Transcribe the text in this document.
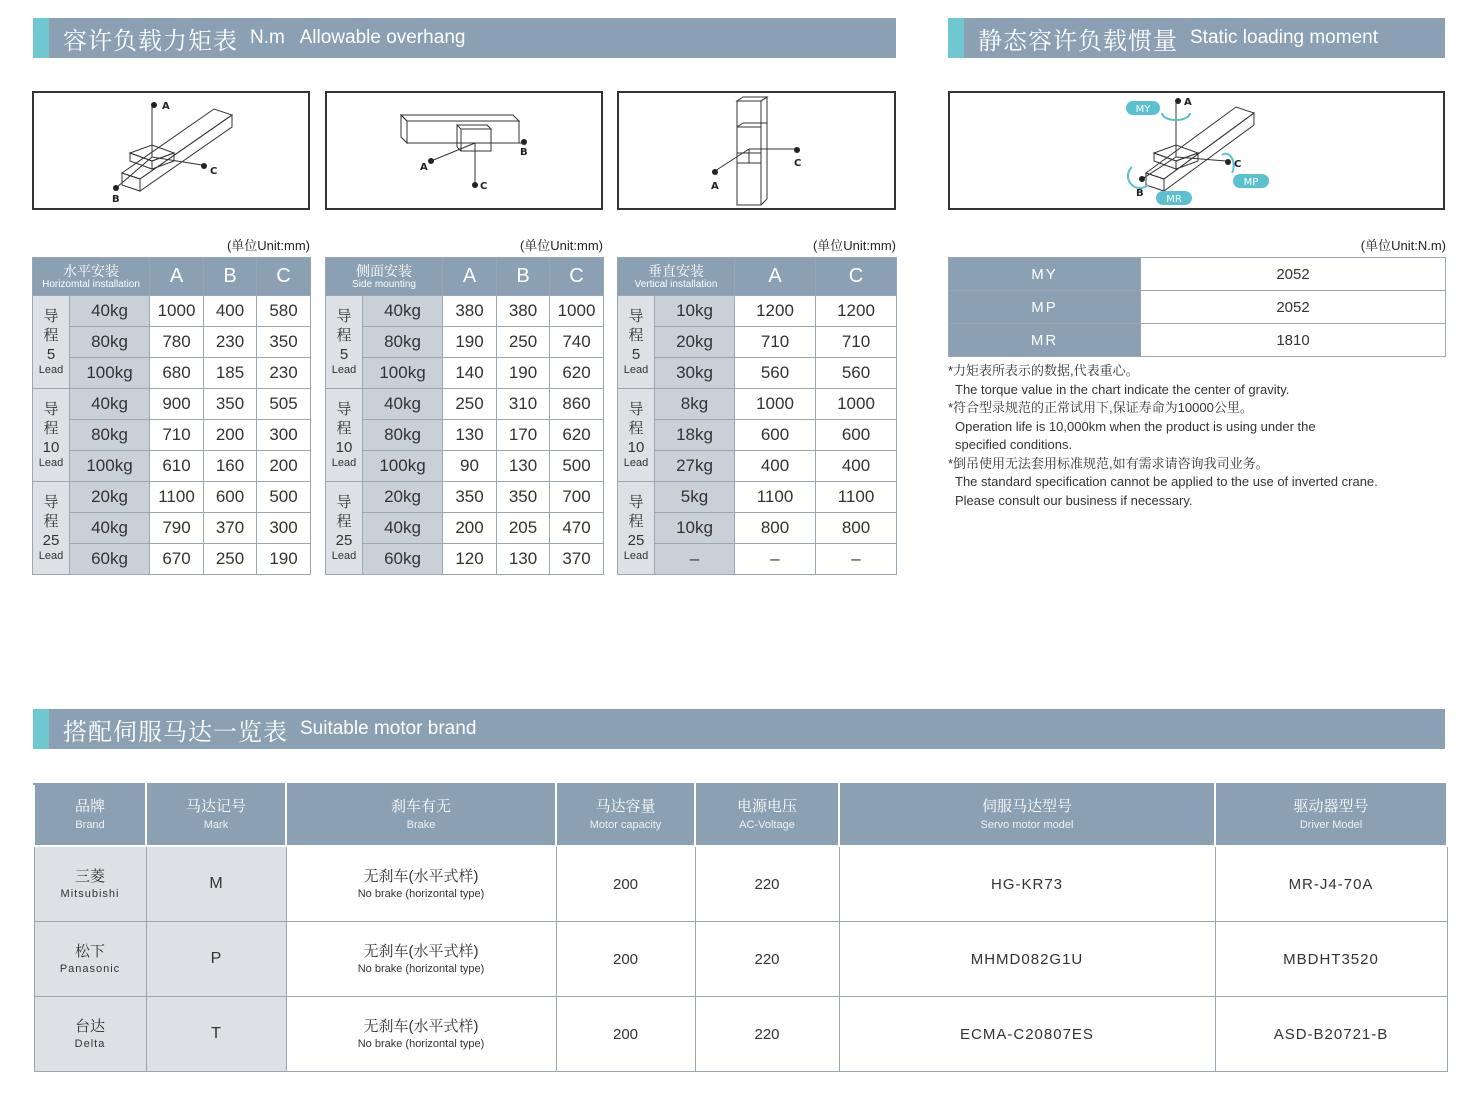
容许负载力矩表 N.m   Allowable overhang	静态容许负载惯量 Static loading moment
A
C
B
C
B
A	C
A
A
C
B
MY
MP
MR
(单位Unit:mm)	(单位Unit:mm)	(单位Unit:mm)	(单位Unit:N.m)
水平安装
Horizomtal installation		A	B	C

导
程
5
Lead	40kg	1000	400	580
	80kg	780	230	350
	100kg	680	185	230

导
程
10
Lead	40kg	900	350	505
	80kg	710	200	300
	100kg	610	160	200

导
程
25
Lead	20kg	1100	600	500
	40kg	790	370	300
	60kg	670	250	190
侧面安装
Side mounting		A	B	C

导
程
5
Lead	40kg	380	380	1000
	80kg	190	250	740
	100kg	140	190	620

导
程
10
Lead	40kg	250	310	860
	80kg	130	170	620
	100kg	90	130	500

导
程
25
Lead	20kg	350	350	700
	40kg	200	205	470
	60kg	120	130	370
垂直安装
Vertical installation		A	C

导
程
5
Lead	10kg	1200	1200
	20kg	710	710
	30kg	560	560

导
程
10
Lead	8kg	1000	1000
	18kg	600	600
	27kg	400	400

导
程
25
Lead	5kg	1100	1100
	10kg	800	800
	–	–	–
MY	2052
MP	2052
MR	1810
*力矩表所表示的数据,代表重心。
The torque value in the chart indicate the center of gravity.
*符合型录规范的正常试用下,保证寿命为10000公里。
Operation life is 10,000km when the product is using under the
specified conditions.
*倒吊使用无法套用标准规范,如有需求请咨询我司业务。
The standard specification cannot be applied to the use of inverted crane.
Please consult our business if necessary.
搭配伺服马达一览表 Suitable motor brand
品牌
Brand	马达记号
Mark	刹车有无
Brake	马达容量
Motor capacity	电源电压
AC-Voltage	伺服马达型号
Servo motor model	驱动器型号
Driver Model

三菱
Mitsubishi	M	无刹车(水平式样)
No brake (horizontal type)	200	220	HG-KR73	MR-J4-70A

松下
Panasonic	P	无刹车(水平式样)
No brake (horizontal type)	200	220	MHMD082G1U	MBDHT3520

台达
Delta	T	无刹车(水平式样)
No brake (horizontal type)	200	220	ECMA-C20807ES	ASD-B20721-B
